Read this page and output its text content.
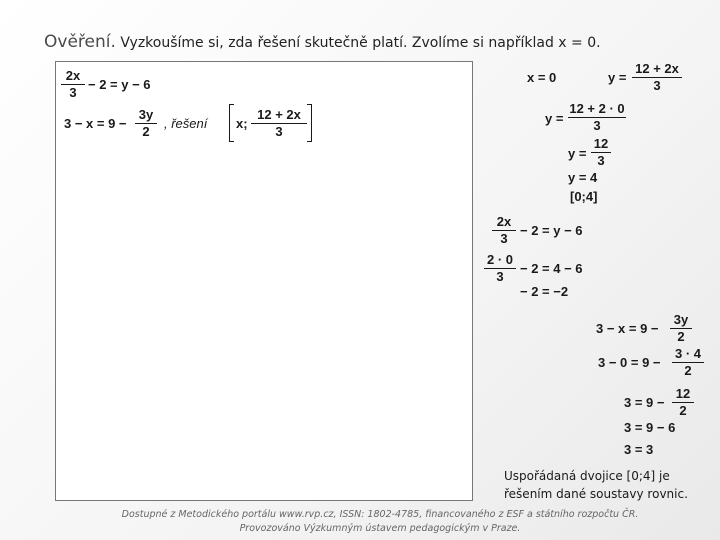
Ověření. Vyzkoušíme si, zda řešení skutečně platí. Zvolíme si například x = 0.
$\frac{2x}{3} - 2 = y - 6$
$3 - x = 9 - \frac{3y}{2}$ , řešení x; $\frac{12 + 2x}{3}$
x = 0	$y = \frac{12 + 2x}{3}$
$y = \frac{12 + 2 \cdot 0}{3}$
$y = \frac{12}{3}$
y = 4
[0;4]
$\frac{2x}{3} - 2 = y - 6$
$\frac{2 \cdot 0}{3} - 2 = 4 - 6$
− 2 = −2
$3 - x = 9 - \frac{3y}{2}$
$3 - 0 = 9 - \frac{3 \cdot 4}{2}$
$3 = 9 - \frac{12}{2}$
3 = 9 − 6
3 = 3
Uspořádaná dvojice [0;4] je
řešením dané soustavy rovnic.
Dostupné z Metodického portálu www.rvp.cz, ISSN: 1802-4785, financovaného z ESF a státního rozpočtu ČR.
Provozováno Výzkumným ústavem pedagogickým v Praze.
